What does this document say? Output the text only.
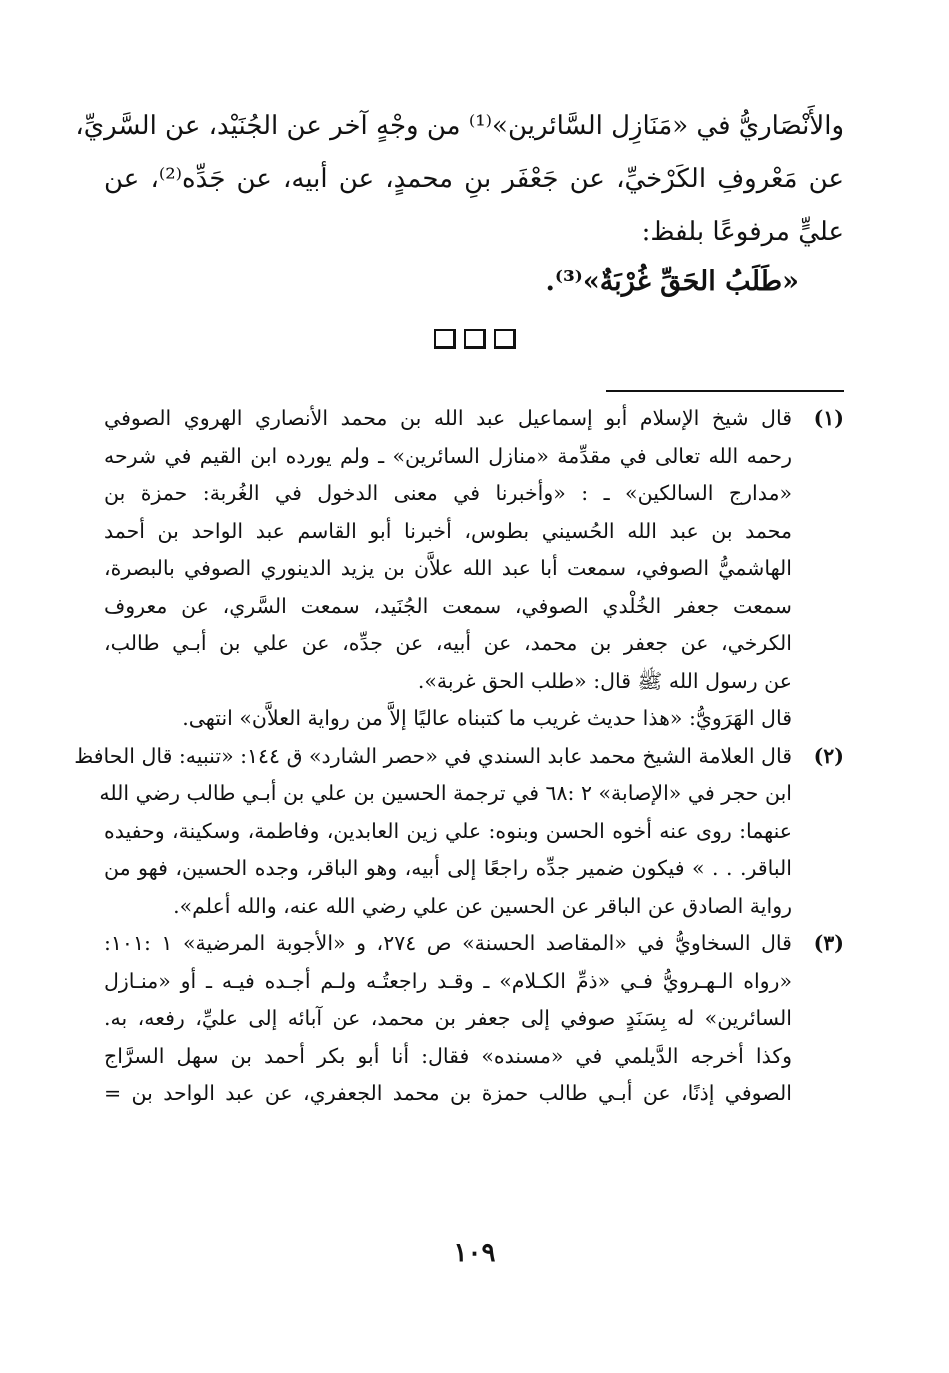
والأَنْصَاريُّ في «مَنَازِل السَّائرين»⁽¹⁾ من وجْهٍ آخر عن الجُنَيْد، عن السَّريِّ،
عن مَعْروفِ الكَرْخيِّ، عن جَعْفَر بنِ محمدٍ، عن أبيه، عن جَدِّه⁽²⁾، عن
عليٍّ مرفوعًا بلفظ:
«طَلَبُ الحَقِّ غُرْبَةٌ»⁽³⁾.
(١)
قال شيخ الإسلام أبو إسماعيل عبد الله بن محمد الأنصاري الهروي الصوفي
رحمه الله تعالى في مقدِّمة «منازل السائرين» ـ ولم يورده ابن القيم في شرحه
«مدارج السالكين» ـ : «وأخبرنا في معنى الدخول في الغُربة: حمزة بن
محمد بن عبد الله الحُسيني بطوس، أخبرنا أبو القاسم عبد الواحد بن أحمد
الهاشميُّ الصوفي، سمعت أبا عبد الله علاَّن بن يزيد الدينوري الصوفي بالبصرة،
سمعت جعفر الخُلْدي الصوفي، سمعت الجُنَيد، سمعت السَّري، عن معروف
الكرخي، عن جعفر بن محمد، عن أبيه، عن جدِّه، عن علي بن أبـي طالب،
عن رسول الله ﷺ قال: «طلب الحق غربة».
قال الهَرَويُّ: «هذا حديث غريب ما كتبناه عاليًا إلاَّ من رواية العلاَّن» انتهى.
(٢)
قال العلامة الشيخ محمد عابد السندي في «حصر الشارد» ق ١٤٤: «تنبيه: قال الحافظ
ابن حجر في «الإصابة» ٢ :٦٨ في ترجمة الحسين بن علي بن أبـي طالب رضي الله
عنهما: روى عنه أخوه الحسن وبنوه: علي زين العابدين، وفاطمة، وسكينة، وحفيده
الباقر. . . » فيكون ضمير جدِّه راجعًا إلى أبيه، وهو الباقر، وجده الحسين، فهو من
رواية الصادق عن الباقر عن الحسين عن علي رضي الله عنه، والله أعلم».
(٣)
قال السخاويُّ في «المقاصد الحسنة» ص ٢٧٤، و «الأجوبة المرضية» ١ :١٠١:
«رواه الـهـرويُّ فـي «ذمِّ الكـلام» ـ وقـد راجعتُـه ولـم أجـده فيـه ـ أو «منـازل
السائرين» له بِسَنَدٍ صوفي إلى جعفر بن محمد، عن آبائه إلى عليِّ، رفعه، به.
وكذا أخرجه الدَّيلمي في «مسنده» فقال: أنا أبو بكر أحمد بن سهل السرَّاج
الصوفي إذنًا، عن أبـي طالب حمزة بن محمد الجعفري، عن عبد الواحد بن =
١٠٩
